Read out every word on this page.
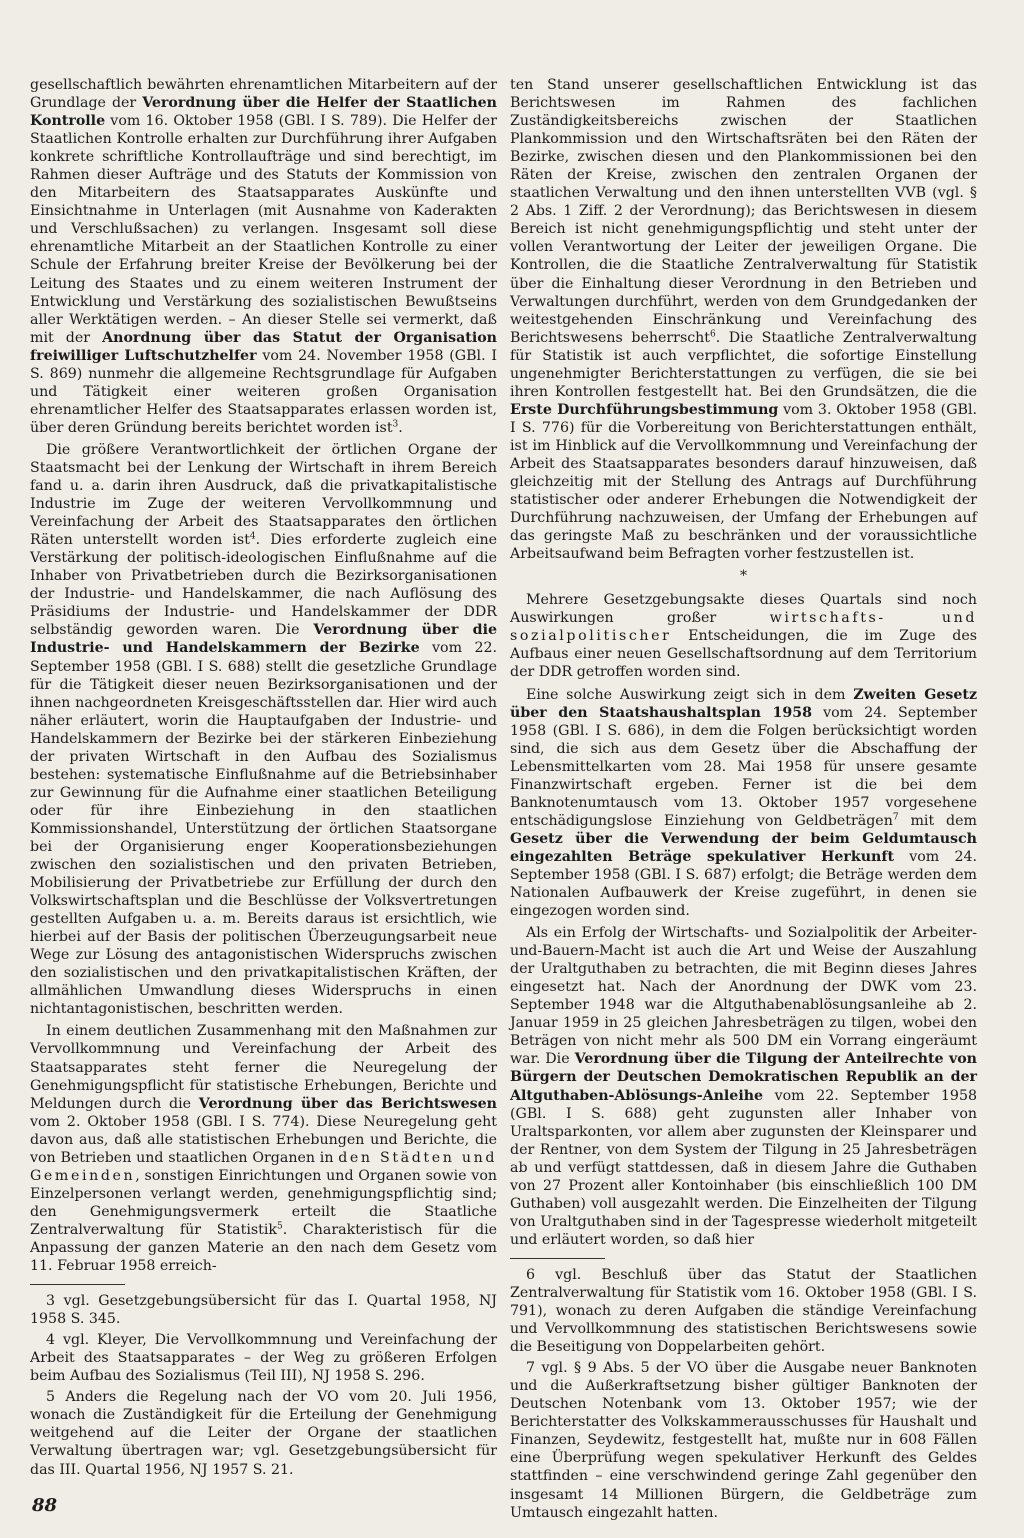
gesellschaftlich bewährten ehrenamtlichen Mitarbeitern auf der Grundlage der Verordnung über die Helfer der Staatlichen Kontrolle vom 16. Oktober 1958 (GBl. I S. 789). Die Helfer der Staatlichen Kontrolle erhalten zur Durchführung ihrer Aufgaben konkrete schriftliche Kontrollaufträge und sind berechtigt, im Rahmen dieser Aufträge und des Statuts der Kommission von den Mitarbeitern des Staatsapparates Auskünfte und Einsichtnahme in Unterlagen (mit Ausnahme von Kaderakten und Verschlußsachen) zu verlangen. Insgesamt soll diese ehrenamtliche Mitarbeit an der Staatlichen Kontrolle zu einer Schule der Erfahrung breiter Kreise der Bevölkerung bei der Leitung des Staates und zu einem weiteren Instrument der Entwicklung und Verstärkung des sozialistischen Bewußtseins aller Werktätigen werden. – An dieser Stelle sei vermerkt, daß mit der Anordnung über das Statut der Organisation freiwilliger Luftschutzhelfer vom 24. November 1958 (GBl. I S. 869) nunmehr die allgemeine Rechtsgrundlage für Aufgaben und Tätigkeit einer weiteren großen Organisation ehrenamtlicher Helfer des Staatsapparates erlassen worden ist, über deren Gründung bereits berichtet worden ist$^3$.

Die größere Verantwortlichkeit der örtlichen Organe der Staatsmacht bei der Lenkung der Wirtschaft in ihrem Bereich fand u. a. darin ihren Ausdruck, daß die privatkapitalistische Industrie im Zuge der weiteren Vervollkommnung und Vereinfachung der Arbeit des Staatsapparates den örtlichen Räten unterstellt worden ist$^4$. Dies erforderte zugleich eine Verstärkung der politisch-ideologischen Einflußnahme auf die Inhaber von Privatbetrieben durch die Bezirksorganisationen der Industrie- und Handelskammer, die nach Auflösung des Präsidiums der Industrie- und Handelskammer der DDR selbständig geworden waren. Die Verordnung über die Industrie- und Handelskammern der Bezirke vom 22. September 1958 (GBl. I S. 688) stellt die gesetzliche Grundlage für die Tätigkeit dieser neuen Bezirksorganisationen und der ihnen nachgeordneten Kreisgeschäftsstellen dar. Hier wird auch näher erläutert, worin die Hauptaufgaben der Industrie- und Handelskammern der Bezirke bei der stärkeren Einbeziehung der privaten Wirtschaft in den Aufbau des Sozialismus bestehen: systematische Einflußnahme auf die Betriebsinhaber zur Gewinnung für die Aufnahme einer staatlichen Beteiligung oder für ihre Einbeziehung in den staatlichen Kommissionshandel, Unterstützung der örtlichen Staatsorgane bei der Organisierung enger Kooperationsbeziehungen zwischen den sozialistischen und den privaten Betrieben, Mobilisierung der Privatbetriebe zur Erfüllung der durch den Volkswirtschaftsplan und die Beschlüsse der Volksvertretungen gestellten Aufgaben u. a. m. Bereits daraus ist ersichtlich, wie hierbei auf der Basis der politischen Überzeugungsarbeit neue Wege zur Lösung des antagonistischen Widerspruchs zwischen den sozialistischen und den privatkapitalistischen Kräften, der allmählichen Umwandlung dieses Widerspruchs in einen nichtantagonistischen, beschritten werden.

In einem deutlichen Zusammenhang mit den Maßnahmen zur Vervollkommnung und Vereinfachung der Arbeit des Staatsapparates steht ferner die Neuregelung der Genehmigungspflicht für statistische Erhebungen, Berichte und Meldungen durch die Verordnung über das Berichtswesen vom 2. Oktober 1958 (GBl. I S. 774). Diese Neuregelung geht davon aus, daß alle statistischen Erhebungen und Berichte, die von Betrieben und staatlichen Organen in den Städten und Gemeinden, sonstigen Einrichtungen und Organen sowie von Einzelpersonen verlangt werden, genehmigungspflichtig sind; den Genehmigungsvermerk erteilt die Staatliche Zentralverwaltung für Statistik$^5$. Charakteristisch für die Anpassung der ganzen Materie an den nach dem Gesetz vom 11. Februar 1958 erreich-

3 vgl. Gesetzgebungsübersicht für das I. Quartal 1958, NJ 1958 S. 345.

4 vgl. Kleyer, Die Vervollkommnung und Vereinfachung der Arbeit des Staatsapparates – der Weg zu größeren Erfolgen beim Aufbau des Sozialismus (Teil III), NJ 1958 S. 296.

5 Anders die Regelung nach der VO vom 20. Juli 1956, wonach die Zuständigkeit für die Erteilung der Genehmigung weitgehend auf die Leiter der Organe der staatlichen Verwaltung übertragen war; vgl. Gesetzgebungsübersicht für das III. Quartal 1956, NJ 1957 S. 21.

ten Stand unserer gesellschaftlichen Entwicklung ist das Berichtswesen im Rahmen des fachlichen Zuständigkeitsbereichs zwischen der Staatlichen Plankommission und den Wirtschaftsräten bei den Räten der Bezirke, zwischen diesen und den Plankommissionen bei den Räten der Kreise, zwischen den zentralen Organen der staatlichen Verwaltung und den ihnen unterstellten VVB (vgl. § 2 Abs. 1 Ziff. 2 der Verordnung); das Berichtswesen in diesem Bereich ist nicht genehmigungspflichtig und steht unter der vollen Verantwortung der Leiter der jeweiligen Organe. Die Kontrollen, die die Staatliche Zentralverwaltung für Statistik über die Einhaltung dieser Verordnung in den Betrieben und Verwaltungen durchführt, werden von dem Grundgedanken der weitestgehenden Einschränkung und Vereinfachung des Berichtswesens beherrscht$^6$. Die Staatliche Zentralverwaltung für Statistik ist auch verpflichtet, die sofortige Einstellung ungenehmigter Berichterstattungen zu verfügen, die sie bei ihren Kontrollen festgestellt hat. Bei den Grundsätzen, die die Erste Durchführungsbestimmung vom 3. Oktober 1958 (GBl. I S. 776) für die Vorbereitung von Berichterstattungen enthält, ist im Hinblick auf die Vervollkommnung und Vereinfachung der Arbeit des Staatsapparates besonders darauf hinzuweisen, daß gleichzeitig mit der Stellung des Antrags auf Durchführung statistischer oder anderer Erhebungen die Notwendigkeit der Durchführung nachzuweisen, der Umfang der Erhebungen auf das geringste Maß zu beschränken und der voraussichtliche Arbeitsaufwand beim Befragten vorher festzustellen ist.

*

Mehrere Gesetzgebungsakte dieses Quartals sind noch Auswirkungen großer wirtschafts- und sozialpolitischer Entscheidungen, die im Zuge des Aufbaus einer neuen Gesellschaftsordnung auf dem Territorium der DDR getroffen worden sind.

Eine solche Auswirkung zeigt sich in dem Zweiten Gesetz über den Staatshaushaltsplan 1958 vom 24. September 1958 (GBl. I S. 686), in dem die Folgen berücksichtigt worden sind, die sich aus dem Gesetz über die Abschaffung der Lebensmittelkarten vom 28. Mai 1958 für unsere gesamte Finanzwirtschaft ergeben. Ferner ist die bei dem Banknotenumtausch vom 13. Oktober 1957 vorgesehene entschädigungslose Einziehung von Geldbeträgen$^7$ mit dem Gesetz über die Verwendung der beim Geldumtausch eingezahlten Beträge spekulativer Herkunft vom 24. September 1958 (GBl. I S. 687) erfolgt; die Beträge werden dem Nationalen Aufbauwerk der Kreise zugeführt, in denen sie eingezogen worden sind.

Als ein Erfolg der Wirtschafts- und Sozialpolitik der Arbeiter-und-Bauern-Macht ist auch die Art und Weise der Auszahlung der Uraltguthaben zu betrachten, die mit Beginn dieses Jahres eingesetzt hat. Nach der Anordnung der DWK vom 23. September 1948 war die Altguthabenablösungsanleihe ab 2. Januar 1959 in 25 gleichen Jahresbeträgen zu tilgen, wobei den Beträgen von nicht mehr als 500 DM ein Vorrang eingeräumt war. Die Verordnung über die Tilgung der Anteilrechte von Bürgern der Deutschen Demokratischen Republik an der Altguthaben-Ablösungs-Anleihe vom 22. September 1958 (GBl. I S. 688) geht zugunsten aller Inhaber von Uraltsparkonten, vor allem aber zugunsten der Kleinsparer und der Rentner, von dem System der Tilgung in 25 Jahresbeträgen ab und verfügt stattdessen, daß in diesem Jahre die Guthaben von 27 Prozent aller Kontoinhaber (bis einschließlich 100 DM Guthaben) voll ausgezahlt werden. Die Einzelheiten der Tilgung von Uraltguthaben sind in der Tagespresse wiederholt mitgeteilt und erläutert worden, so daß hier

6 vgl. Beschluß über das Statut der Staatlichen Zentralverwaltung für Statistik vom 16. Oktober 1958 (GBl. I S. 791), wonach zu deren Aufgaben die ständige Vereinfachung und Vervollkommnung des statistischen Berichtswesens sowie die Beseitigung von Doppelarbeiten gehört.

7 vgl. § 9 Abs. 5 der VO über die Ausgabe neuer Banknoten und die Außerkraftsetzung bisher gültiger Banknoten der Deutschen Notenbank vom 13. Oktober 1957; wie der Berichterstatter des Volkskammerausschusses für Haushalt und Finanzen, Seydewitz, festgestellt hat, mußte nur in 608 Fällen eine Überprüfung wegen spekulativer Herkunft des Geldes stattfinden – eine verschwindend geringe Zahl gegenüber den insgesamt 14 Millionen Bürgern, die Geldbeträge zum Umtausch eingezahlt hatten.

88
